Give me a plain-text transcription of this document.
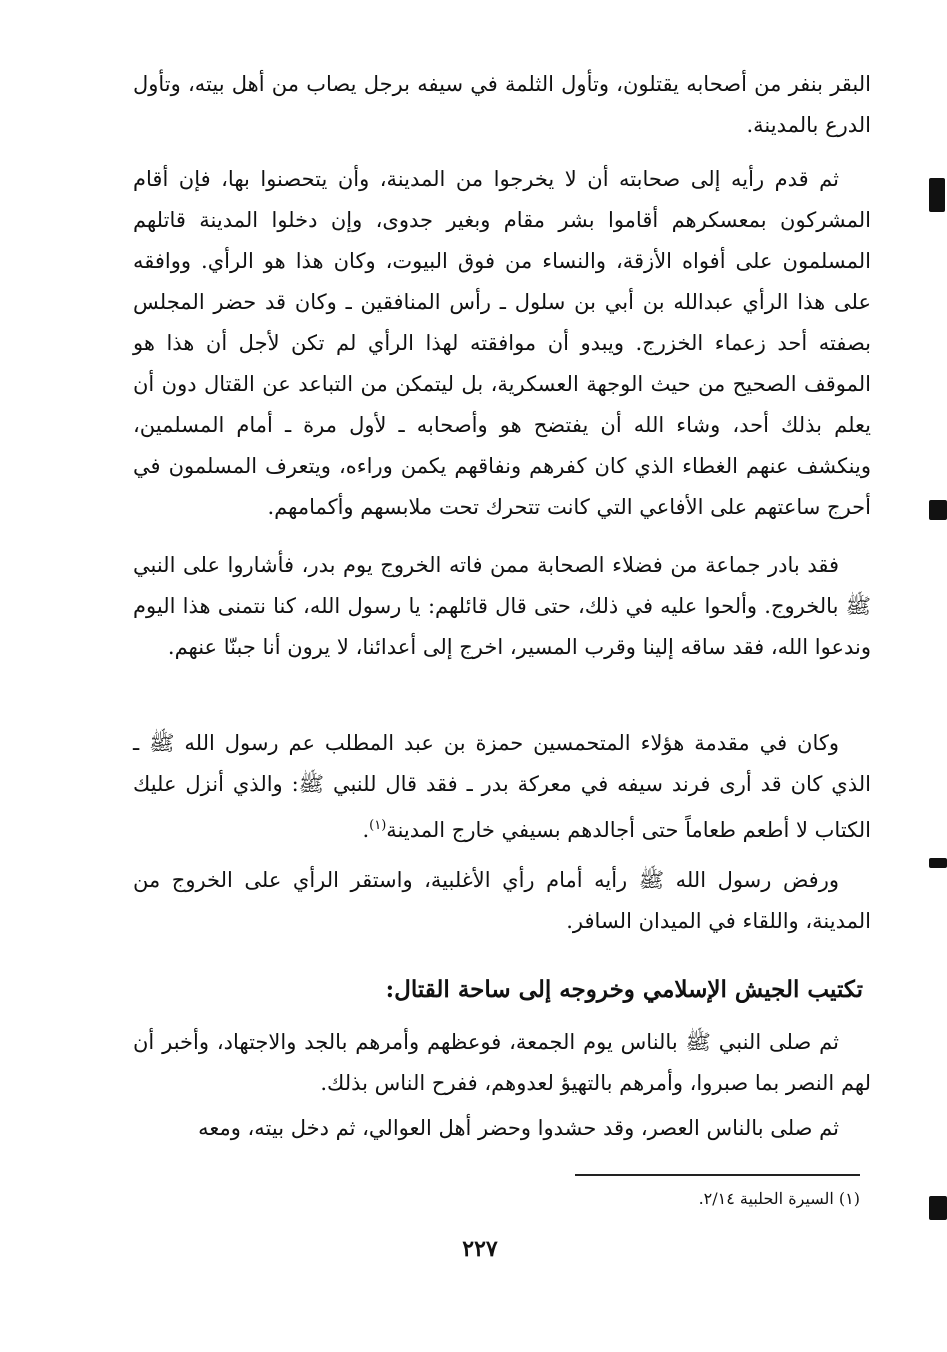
البقر بنفر من أصحابه يقتلون، وتأول الثلمة في سيفه برجل يصاب من أهل بيته، وتأول الدرع بالمدينة.

ثم قدم رأيه إلى صحابته أن لا يخرجوا من المدينة، وأن يتحصنوا بها، فإن أقام المشركون بمعسكرهم أقاموا بشر مقام وبغير جدوى، وإن دخلوا المدينة قاتلهم المسلمون على أفواه الأزقة، والنساء من فوق البيوت، وكان هذا هو الرأي. ووافقه على هذا الرأي عبدالله بن أبي بن سلول ـ رأس المنافقين ـ وكان قد حضر المجلس بصفته أحد زعماء الخزرج. ويبدو أن موافقته لهذا الرأي لم تكن لأجل أن هذا هو الموقف الصحيح من حيث الوجهة العسكرية، بل ليتمكن من التباعد عن القتال دون أن يعلم بذلك أحد، وشاء الله أن يفتضح هو وأصحابه ـ لأول مرة ـ أمام المسلمين، وينكشف عنهم الغطاء الذي كان كفرهم ونفاقهم يكمن وراءه، ويتعرف المسلمون في أحرج ساعتهم على الأفاعي التي كانت تتحرك تحت ملابسهم وأكمامهم.

فقد بادر جماعة من فضلاء الصحابة ممن فاته الخروج يوم بدر، فأشاروا على النبي ﷺ بالخروج. وألحوا عليه في ذلك، حتى قال قائلهم: يا رسول الله، كنا نتمنى هذا اليوم وندعوا الله، فقد ساقه إلينا وقرب المسير، اخرج إلى أعدائنا، لا يرون أنا جبنّا عنهم.

وكان في مقدمة هؤلاء المتحمسين حمزة بن عبد المطلب عم رسول الله ﷺ ـ الذي كان قد أرى فرند سيفه في معركة بدر ـ فقد قال للنبي ﷺ: والذي أنزل عليك الكتاب لا أطعم طعاماً حتى أجالدهم بسيفي خارج المدينة$^{(١)}$.

ورفض رسول الله ﷺ رأيه أمام رأي الأغلبية، واستقر الرأي على الخروج من المدينة، واللقاء في الميدان السافر.

تكتيب الجيش الإسلامي وخروجه إلى ساحة القتال:

ثم صلى النبي ﷺ بالناس يوم الجمعة، فوعظهم وأمرهم بالجد والاجتهاد، وأخبر أن لهم النصر بما صبروا، وأمرهم بالتهيؤ لعدوهم، ففرح الناس بذلك.

ثم صلى بالناس العصر، وقد حشدوا وحضر أهل العوالي، ثم دخل بيته، ومعه

(١) السيرة الحلبية ٢/١٤.
٢٢٧
